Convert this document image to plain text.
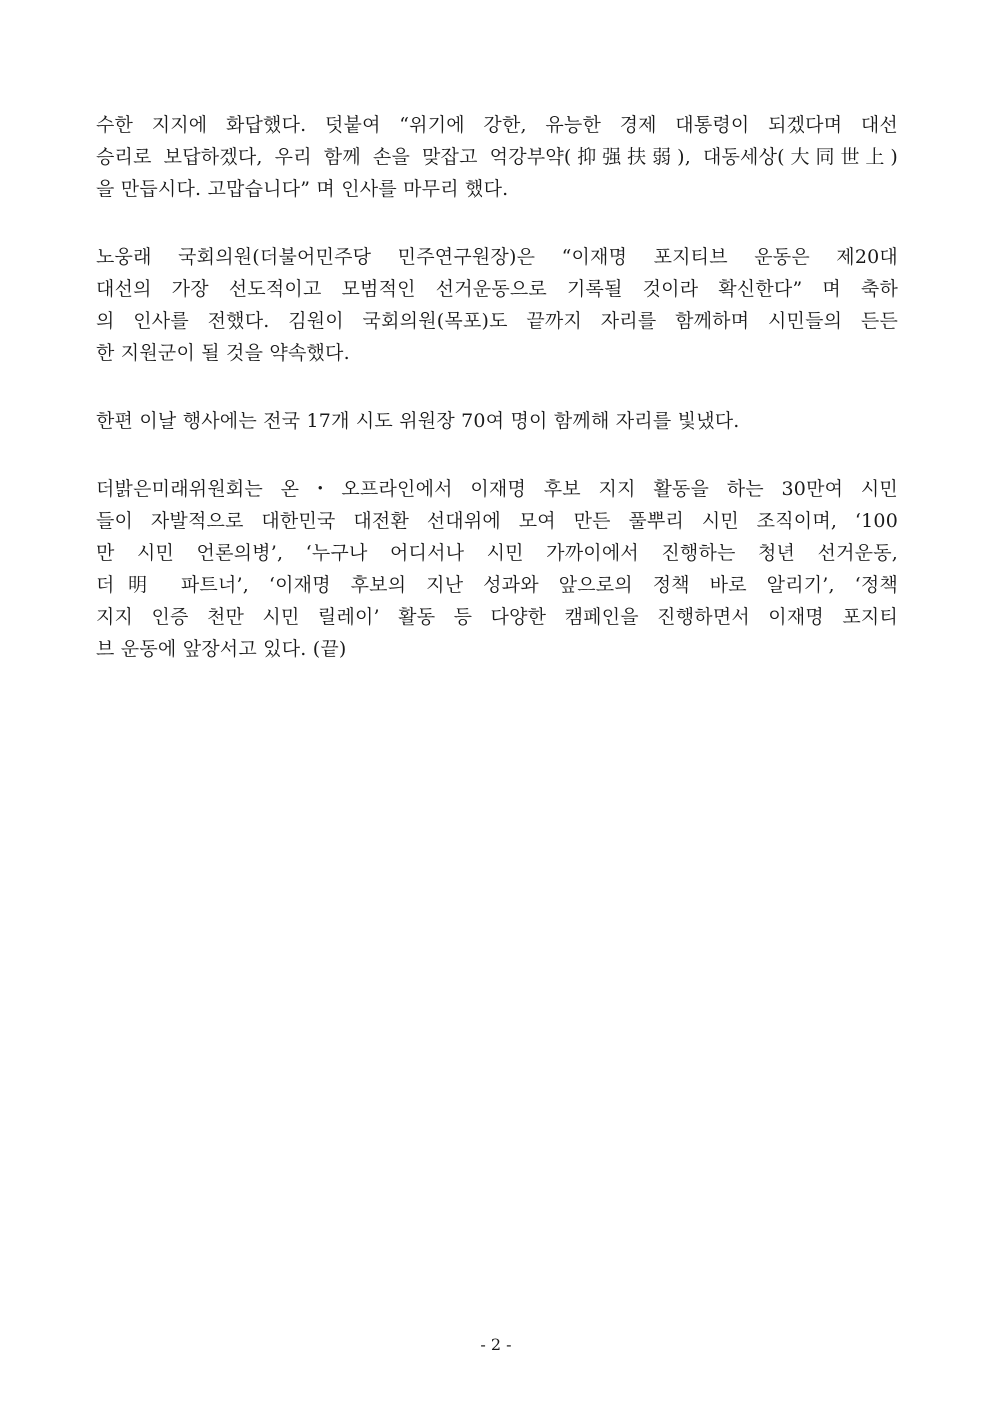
수한 지지에 화답했다. 덧붙여 “위기에 강한, 유능한 경제 대통령이 되겠다며 대선
승리로 보답하겠다, 우리 함께 손을 맞잡고 억강부약(抑强扶弱), 대동세상(大同世上)
을 만듭시다. 고맙습니다” 며 인사를 마무리 했다.

노웅래 국회의원(더불어민주당 민주연구원장)은 “이재명 포지티브 운동은 제20대
대선의 가장 선도적이고 모범적인 선거운동으로 기록될 것이라 확신한다” 며 축하
의 인사를 전했다. 김원이 국회의원(목포)도 끝까지 자리를 함께하며 시민들의 든든
한 지원군이 될 것을 약속했다.

한편 이날 행사에는 전국 17개 시도 위원장 70여 명이 함께해 자리를 빛냈다.

더밝은미래위원회는 온・오프라인에서 이재명 후보 지지 활동을 하는 30만여 시민
들이 자발적으로 대한민국 대전환 선대위에 모여 만든 풀뿌리 시민 조직이며, ‘100
만 시민 언론의병’, ‘누구나 어디서나 시민 가까이에서 진행하는 청년 선거운동,
더明 파트너’, ‘이재명 후보의 지난 성과와 앞으로의 정책 바로 알리기’, ‘정책
지지 인증 천만 시민 릴레이’ 활동 등 다양한 캠페인을 진행하면서 이재명 포지티
브 운동에 앞장서고 있다. (끝)

- 2 -
